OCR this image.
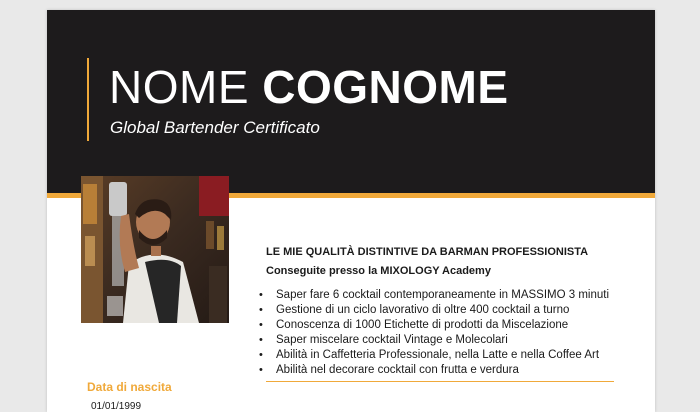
NOME COGNOME
Global Bartender Certificato
LE MIE QUALITÀ DISTINTIVE DA BARMAN PROFESSIONISTA
Conseguite presso la MIXOLOGY Academy
• Saper fare 6 cocktail contemporaneamente in MASSIMO 3 minuti
• Gestione di un ciclo lavorativo di oltre 400 cocktail a turno
• Conoscenza di 1000 Etichette di prodotti da Miscelazione
• Saper miscelare cocktail Vintage e Molecolari
• Abilità in Caffetteria Professionale, nella Latte e nella Coffee Art
• Abilità nel decorare cocktail con frutta e verdura
Data di nascita
01/01/1999
